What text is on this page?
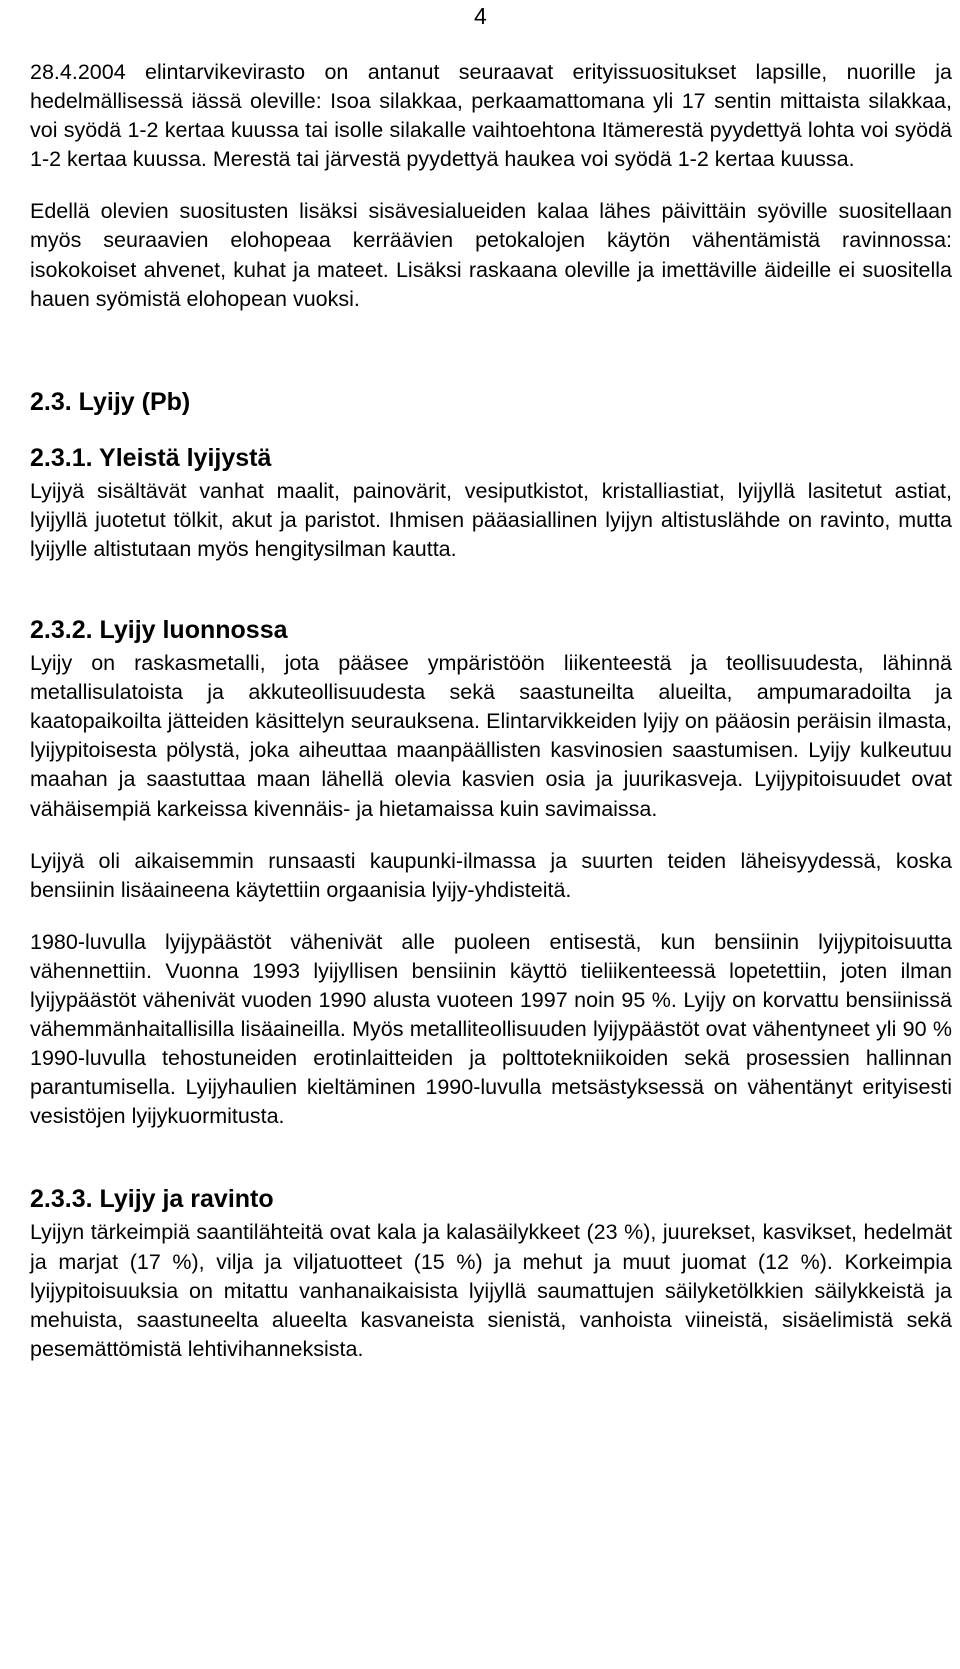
4

28.4.2004 elintarvikevirasto on antanut seuraavat erityissuositukset lapsille, nuorille ja hedelmällisessä iässä oleville: Isoa silakkaa, perkaamattomana yli 17 sentin mittaista silakkaa, voi syödä 1-2 kertaa kuussa tai isolle silakalle vaihtoehtona Itämerestä pyydettyä lohta voi syödä 1-2 kertaa kuussa. Merestä tai järvestä pyydettyä haukea voi syödä 1-2 kertaa kuussa.

Edellä olevien suositusten lisäksi sisävesialueiden kalaa lähes päivittäin syöville suositellaan myös seuraavien elohopeaa kerräävien petokalojen käytön vähentämistä ravinnossa: isokokoiset ahvenet, kuhat ja mateet. Lisäksi raskaana oleville ja imettäville äideille ei suositella hauen syömistä elohopean vuoksi.

2.3. Lyijy (Pb)
2.3.1. Yleistä lyijystä

Lyijyä sisältävät vanhat maalit, painovärit, vesiputkistot, kristalliastiat, lyijyllä lasitetut astiat, lyijyllä juotetut tölkit, akut ja paristot. Ihmisen pääasiallinen lyijyn altistuslähde on ravinto, mutta lyijylle altistutaan myös hengitysilman kautta.

2.3.2. Lyijy luonnossa

Lyijy on raskasmetalli, jota pääsee ympäristöön liikenteestä ja teollisuudesta, lähinnä metallisulatoista ja akkuteollisuudesta sekä saastuneilta alueilta, ampumaradoilta ja kaatopaikoilta jätteiden käsittelyn seurauksena. Elintarvikkeiden lyijy on pääosin peräisin ilmasta, lyijypitoisesta pölystä, joka aiheuttaa maanpäällisten kasvinosien saastumisen. Lyijy kulkeutuu maahan ja saastuttaa maan lähellä olevia kasvien osia ja juurikasveja. Lyijypitoisuudet ovat vähäisempiä karkeissa kivennäis- ja hietamaissa kuin savimaissa.

Lyijyä oli aikaisemmin runsaasti kaupunki-ilmassa ja suurten teiden läheisyydessä, koska bensiinin lisäaineena käytettiin orgaanisia lyijy-yhdisteitä.

1980-luvulla lyijypäästöt vähenivät alle puoleen entisestä, kun bensiinin lyijypitoisuutta vähennettiin. Vuonna 1993 lyijyllisen bensiinin käyttö tieliikenteessä lopetettiin, joten ilman lyijypäästöt vähenivät vuoden 1990 alusta vuoteen 1997 noin 95 %. Lyijy on korvattu bensiinissä vähemmänhaitallisilla lisäaineilla. Myös metalliteollisuuden lyijypäästöt ovat vähentyneet yli 90 % 1990-luvulla tehostuneiden erotinlaitteiden ja polttotekniikoiden sekä prosessien hallinnan parantumisella. Lyijyhaulien kieltäminen 1990-luvulla metsästyksessä on vähentänyt erityisesti vesistöjen lyijykuormitusta.

2.3.3. Lyijy ja ravinto

Lyijyn tärkeimpiä saantilähteitä ovat kala ja kalasäilykkeet (23 %), juurekset, kasvikset, hedelmät ja marjat (17 %), vilja ja viljatuotteet (15 %) ja mehut ja muut juomat (12 %). Korkeimpia lyijypitoisuuksia on mitattu vanhanaikaisista lyijyllä saumattujen säilyketölkkien säilykkeistä ja mehuista, saastuneelta alueelta kasvaneista sienistä, vanhoista viineistä, sisäelimistä sekä pesemättömistä lehtivihanneksista.
